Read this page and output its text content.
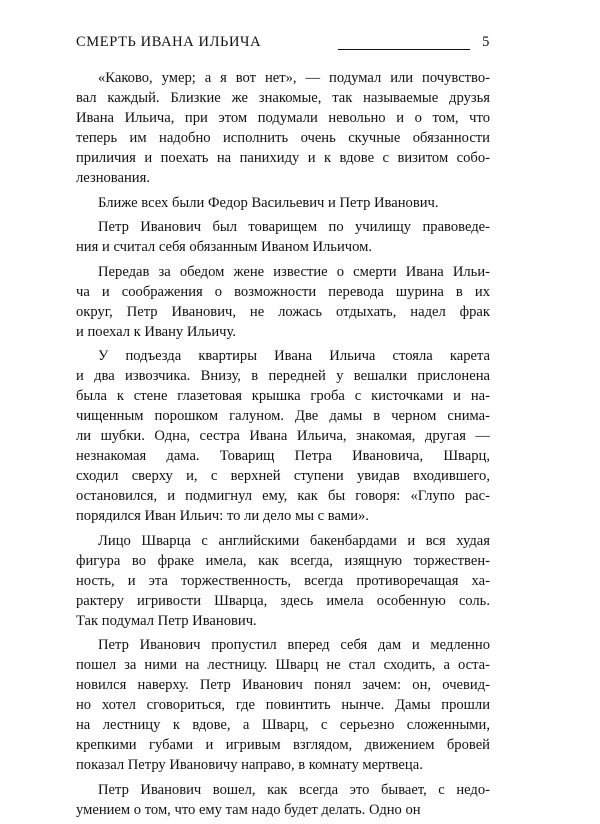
СМЕРТЬ ИВАНА ИЛЬИЧА	5

«Каково, умер; а я вот нет», — подумал или почувство-
вал каждый. Близкие же знакомые, так называемые друзья
Ивана Ильича, при этом подумали невольно и о том, что
теперь им надобно исполнить очень скучные обязанности
приличия и поехать на панихиду и к вдове с визитом собо-
лезнования.

Ближе всех были Федор Васильевич и Петр Иванович.

Петр Иванович был товарищем по училищу правоведе-
ния и считал себя обязанным Иваном Ильичом.

Передав за обедом жене известие о смерти Ивана Ильи-
ча и соображения о возможности перевода шурина в их
округ, Петр Иванович, не ложась отдыхать, надел фрак
и поехал к Ивану Ильичу.

У подъезда квартиры Ивана Ильича стояла карета
и два извозчика. Внизу, в передней у вешалки прислонена
была к стене глазетовая крышка гроба с кисточками и на-
чищенным порошком галуном. Две дамы в черном снима-
ли шубки. Одна, сестра Ивана Ильича, знакомая, другая —
незнакомая дама. Товарищ Петра Ивановича, Шварц,
сходил сверху и, с верхней ступени увидав входившего,
остановился, и подмигнул ему, как бы говоря: «Глупо рас-
порядился Иван Ильич: то ли дело мы с вами».

Лицо Шварца с английскими бакенбардами и вся худая
фигура во фраке имела, как всегда, изящную торжествен-
ность, и эта торжественность, всегда противоречащая ха-
рактеру игривости Шварца, здесь имела особенную соль.
Так подумал Петр Иванович.

Петр Иванович пропустил вперед себя дам и медленно
пошел за ними на лестницу. Шварц не стал сходить, а оста-
новился наверху. Петр Иванович понял зачем: он, очевид-
но хотел сговориться, где повинтить нынче. Дамы прошли
на лестницу к вдове, а Шварц, с серьезно сложенными,
крепкими губами и игривым взглядом, движением бровей
показал Петру Ивановичу направо, в комнату мертвеца.

Петр Иванович вошел, как всегда это бывает, с недо-
умением о том, что ему там надо будет делать. Одно он
